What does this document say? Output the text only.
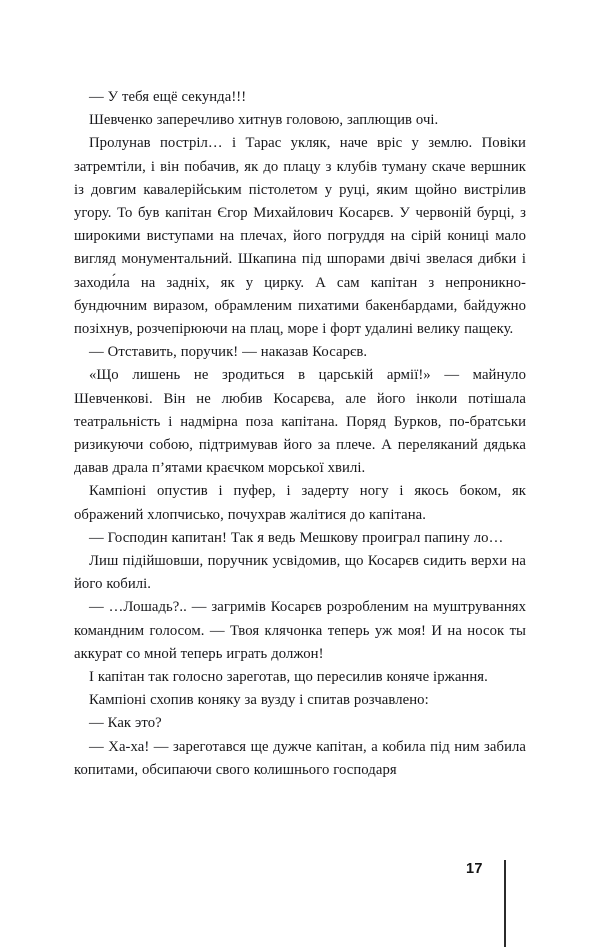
— У тебя ещё секунда!!!

Шевченко заперечливо хитнув головою, заплющив очі.

Пролунав постріл… і Тарас укляк, наче вріс у землю. Повіки затремтіли, і він побачив, як до плацу з клубів туману скаче вершник із довгим кавалерійським пістолетом у руці, яким щойно вистрілив угору. То був капітан Єгор Михайлович Косарєв. У червоній бурці, з широкими виступами на плечах, його погруддя на сірій кониці мало вигляд монументальний. Шкапина під шпорами двічі звелася дибки і заходи́ла на задніх, як у цирку. А сам капітан з непроникно-бундючним виразом, обрамленим пихатими бакенбардами, байдужно позіхнув, розчепірюючи на плац, море і форт удалині велику пащеку.

— Отставить, поручик! — наказав Косарєв.

«Що лишень не зродиться в царській армії!» — майнуло Шевченкові. Він не любив Косарєва, але його інколи потішала театральність і надмірна поза капітана. Поряд Бурков, по-братськи ризикуючи собою, підтримував його за плече. А переляканий дядька давав драла п’ятами краєчком морської хвилі.

Кампіоні опустив і пуфер, і задерту ногу і якось боком, як ображений хлопчисько, почухрав жалітися до капітана.

— Господин капитан! Так я ведь Мешкову проиграл папину ло…

Лиш підійшовши, поручник усвідомив, що Косарєв сидить верхи на його кобилі.

— …Лошадь?.. — загримів Косарєв розробленим на муштруваннях командним голосом. — Твоя клячонка теперь уж моя! И на носок ты аккурат со мной теперь играть должон!

І капітан так голосно зареготав, що пересилив коняче іржання.

Кампіоні схопив коняку за вузду і спитав розчавлено:

— Как это?

— Ха-ха! — зареготався ще дужче капітан, а кобила під ним забила копитами, обсипаючи свого колишнього господаря

17
